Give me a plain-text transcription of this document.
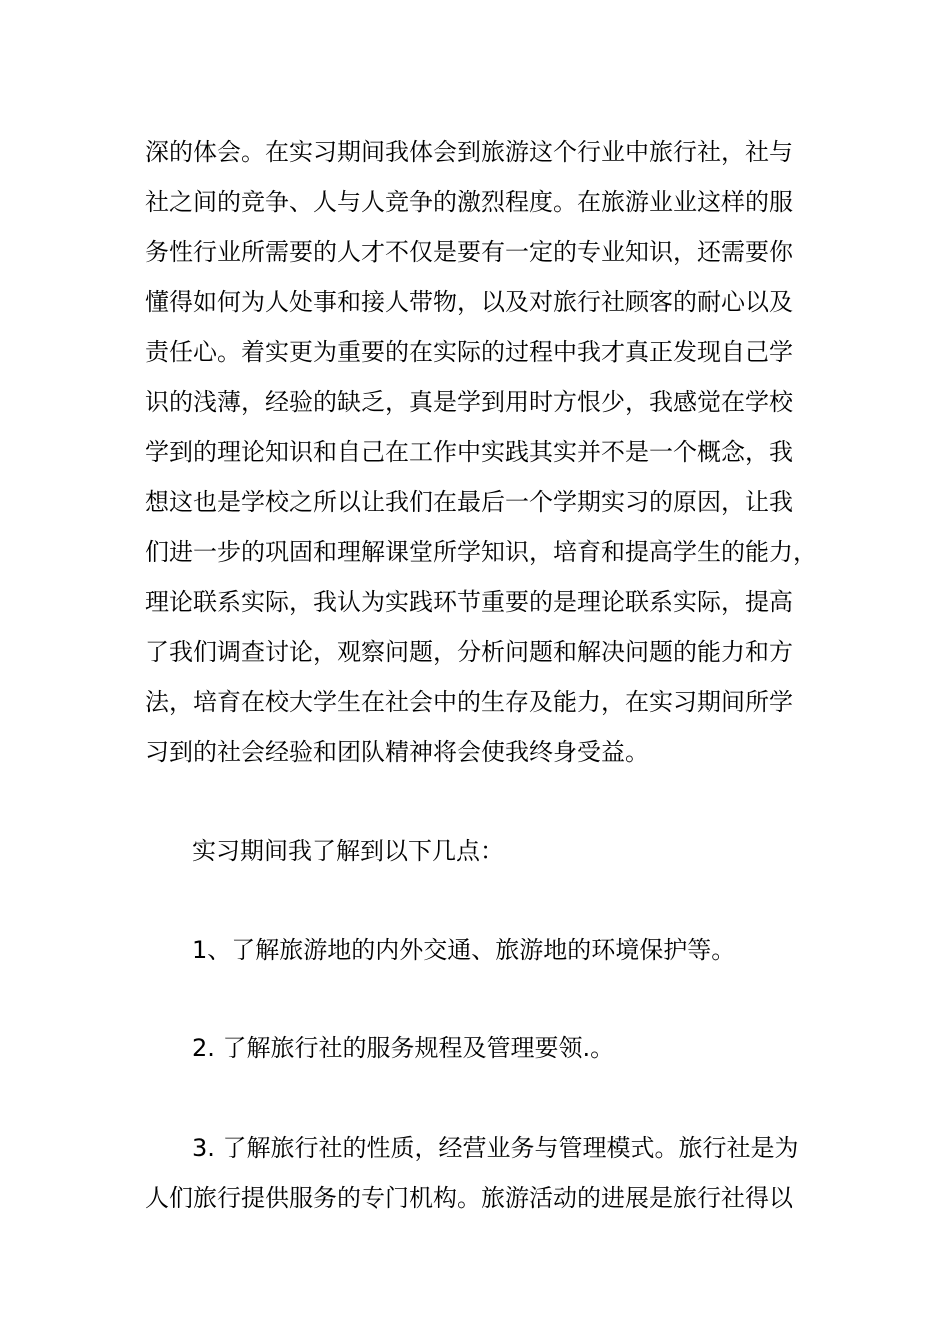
深的体会。在实习期间我体会到旅游这个行业中旅行社，社与
社之间的竞争、人与人竞争的激烈程度。在旅游业业这样的服
务性行业所需要的人才不仅是要有一定的专业知识，还需要你
懂得如何为人处事和接人带物，以及对旅行社顾客的耐心以及
责任心。着实更为重要的在实际的过程中我才真正发现自己学
识的浅薄，经验的缺乏，真是学到用时方恨少，我感觉在学校
学到的理论知识和自己在工作中实践其实并不是一个概念，我
想这也是学校之所以让我们在最后一个学期实习的原因，让我
们进一步的巩固和理解课堂所学知识，培育和提高学生的能力，
理论联系实际，我认为实践环节重要的是理论联系实际，提高
了我们调查讨论，观察问题，分析问题和解决问题的能力和方
法，培育在校大学生在社会中的生存及能力，在实习期间所学
习到的社会经验和团队精神将会使我终身受益。
实习期间我了解到以下几点：
1、了解旅游地的内外交通、旅游地的环境保护等。
2. 了解旅行社的服务规程及管理要领.。
3. 了解旅行社的性质，经营业务与管理模式。旅行社是为
人们旅行提供服务的专门机构。旅游活动的进展是旅行社得以
